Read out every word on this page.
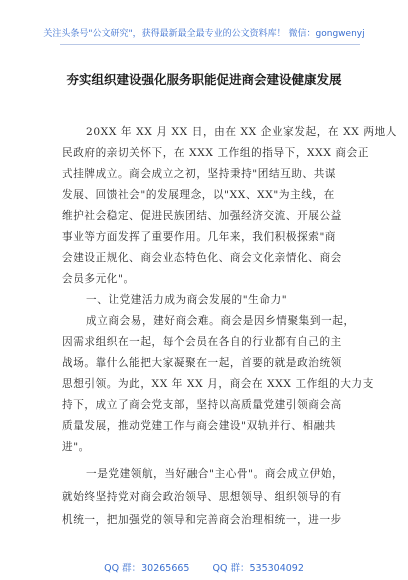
关注头条号"公文研究"，获得最新最全最专业的公文资料库！ 微信：gongwenyj
夯实组织建设强化服务职能促进商会建设健康发展
20XX 年 XX 月 XX 日，由在 XX 企业家发起，在 XX 两地人
民政府的亲切关怀下，在 XXX 工作组的指导下，XXX 商会正
式挂牌成立。商会成立之初，坚持秉持"团结互助、共谋
发展、回馈社会"的发展理念，以"XX、XX"为主线，在
维护社会稳定、促进民族团结、加强经济交流、开展公益
事业等方面发挥了重要作用。几年来，我们积极探索"商
会建设正规化、商会业态特色化、商会文化亲情化、商会
会员多元化"。
一、让党建活力成为商会发展的"生命力"
成立商会易，建好商会难。商会是因乡情聚集到一起，
因需求组织在一起，每个会员在各自的行业都有自己的主
战场。靠什么能把大家凝聚在一起，首要的就是政治统领
思想引领。为此，XX 年 XX 月，商会在 XXX 工作组的大力支
持下，成立了商会党支部，坚持以高质量党建引领商会高
质量发展，推动党建工作与商会建设"双轨并行、相融共
进"。
一是党建领航，当好融合"主心骨"。商会成立伊始，
就始终坚持党对商会政治领导、思想领导、组织领导的有
机统一，把加强党的领导和完善商会治理相统一，进一步
QQ 群：30265665 QQ 群：535304092
